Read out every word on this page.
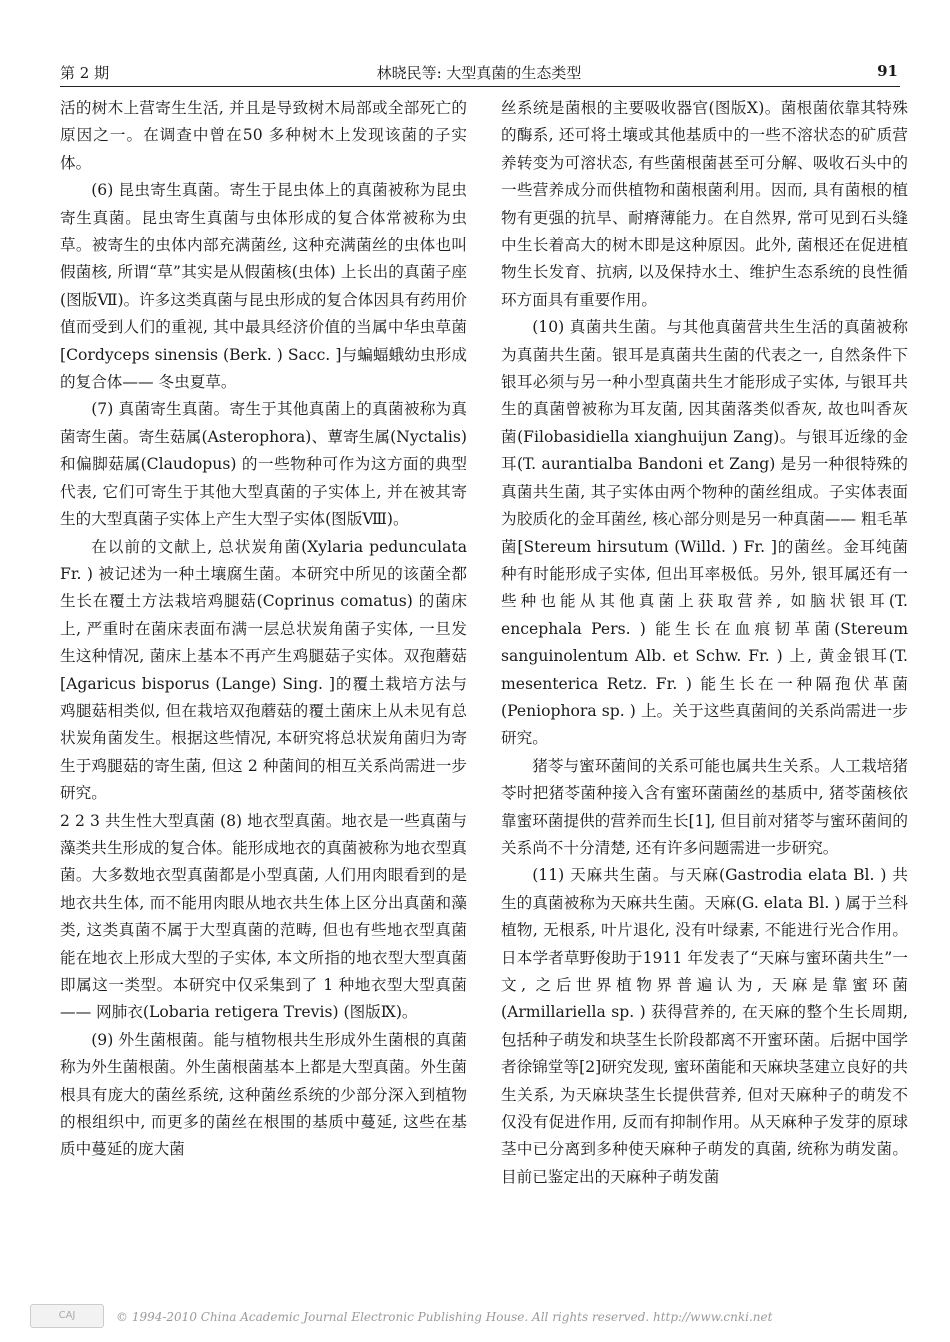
第 2 期	林晓民等: 大型真菌的生态类型	91

活的树木上营寄生生活, 并且是导致树木局部或全部死亡的原因之一。在调查中曾在50 多种树木上发现该菌的子实体。

(6) 昆虫寄生真菌。寄生于昆虫体上的真菌被称为昆虫寄生真菌。昆虫寄生真菌与虫体形成的复合体常被称为虫草。被寄生的虫体内部充满菌丝, 这种充满菌丝的虫体也叫假菌核, 所谓“草”其实是从假菌核(虫体) 上长出的真菌子座(图版Ⅶ)。许多这类真菌与昆虫形成的复合体因具有药用价值而受到人们的重视, 其中最具经济价值的当属中华虫草菌 [Cordyceps sinensis (Berk. ) Sacc. ]与蝙蝠蛾幼虫形成的复合体—— 冬虫夏草。

(7) 真菌寄生真菌。寄生于其他真菌上的真菌被称为真菌寄生菌。寄生菇属(Asterophora)、蕈寄生属(Nyctalis) 和偏脚菇属(Claudopus) 的一些物种可作为这方面的典型代表, 它们可寄生于其他大型真菌的子实体上, 并在被其寄生的大型真菌子实体上产生大型子实体(图版Ⅷ)。

在以前的文献上, 总状炭角菌(Xylaria pedunculata Fr. ) 被记述为一种土壤腐生菌。本研究中所见的该菌全都生长在覆土方法栽培鸡腿菇(Coprinus comatus) 的菌床上, 严重时在菌床表面布满一层总状炭角菌子实体, 一旦发生这种情况, 菌床上基本不再产生鸡腿菇子实体。双孢蘑菇[Agaricus bisporus (Lange) Sing. ]的覆土栽培方法与鸡腿菇相类似, 但在栽培双孢蘑菇的覆土菌床上从未见有总状炭角菌发生。根据这些情况, 本研究将总状炭角菌归为寄生于鸡腿菇的寄生菌, 但这 2 种菌间的相互关系尚需进一步研究。

2 2 3 共生性大型真菌 (8) 地衣型真菌。地衣是一些真菌与藻类共生形成的复合体。能形成地衣的真菌被称为地衣型真菌。大多数地衣型真菌都是小型真菌, 人们用肉眼看到的是地衣共生体, 而不能用肉眼从地衣共生体上区分出真菌和藻类, 这类真菌不属于大型真菌的范畴, 但也有些地衣型真菌能在地衣上形成大型的子实体, 本文所指的地衣型大型真菌即属这一类型。本研究中仅采集到了 1 种地衣型大型真菌—— 网肺衣(Lobaria retigera Trevis) (图版Ⅸ)。

(9) 外生菌根菌。能与植物根共生形成外生菌根的真菌称为外生菌根菌。外生菌根菌基本上都是大型真菌。外生菌根具有庞大的菌丝系统, 这种菌丝系统的少部分深入到植物的根组织中, 而更多的菌丝在根围的基质中蔓延, 这些在基质中蔓延的庞大菌

丝系统是菌根的主要吸收器官(图版Ⅹ)。菌根菌依靠其特殊的酶系, 还可将土壤或其他基质中的一些不溶状态的矿质营养转变为可溶状态, 有些菌根菌甚至可分解、吸收石头中的一些营养成分而供植物和菌根菌利用。因而, 具有菌根的植物有更强的抗旱、耐瘠薄能力。在自然界, 常可见到石头缝中生长着高大的树木即是这种原因。此外, 菌根还在促进植物生长发育、抗病, 以及保持水土、维护生态系统的良性循环方面具有重要作用。

(10) 真菌共生菌。与其他真菌营共生生活的真菌被称为真菌共生菌。银耳是真菌共生菌的代表之一, 自然条件下银耳必须与另一种小型真菌共生才能形成子实体, 与银耳共生的真菌曾被称为耳友菌, 因其菌落类似香灰, 故也叫香灰菌(Filobasidiella xianghuijun Zang)。与银耳近缘的金耳(T. aurantialba Bandoni et Zang) 是另一种很特殊的真菌共生菌, 其子实体由两个物种的菌丝组成。子实体表面为胶质化的金耳菌丝, 核心部分则是另一种真菌—— 粗毛革菌[Stereum hirsutum (Willd. ) Fr. ]的菌丝。金耳纯菌种有时能形成子实体, 但出耳率极低。另外, 银耳属还有一些种也能从其他真菌上获取营养, 如脑状银耳(T. encephala Pers. ) 能生长在血痕韧革菌(Stereum sanguinolentum Alb. et Schw. Fr. ) 上, 黄金银耳(T. mesenterica Retz. Fr. ) 能生长在一种隔孢伏革菌(Peniophora sp. ) 上。关于这些真菌间的关系尚需进一步研究。

猪苓与蜜环菌间的关系可能也属共生关系。人工栽培猪苓时把猪苓菌种接入含有蜜环菌菌丝的基质中, 猪苓菌核依靠蜜环菌提供的营养而生长[1], 但目前对猪苓与蜜环菌间的关系尚不十分清楚, 还有许多问题需进一步研究。

(11) 天麻共生菌。与天麻(Gastrodia elata Bl. ) 共生的真菌被称为天麻共生菌。天麻(G. elata Bl. ) 属于兰科植物, 无根系, 叶片退化, 没有叶绿素, 不能进行光合作用。日本学者草野俊助于1911 年发表了“天麻与蜜环菌共生”一文, 之后世界植物界普遍认为, 天麻是靠蜜环菌(Armillariella sp. ) 获得营养的, 在天麻的整个生长周期, 包括种子萌发和块茎生长阶段都离不开蜜环菌。后据中国学者徐锦堂等[2]研究发现, 蜜环菌能和天麻块茎建立良好的共生关系, 为天麻块茎生长提供营养, 但对天麻种子的萌发不仅没有促进作用, 反而有抑制作用。从天麻种子发芽的原球茎中已分离到多种使天麻种子萌发的真菌, 统称为萌发菌。目前已鉴定出的天麻种子萌发菌

CAJ	© 1994-2010 China Academic Journal Electronic Publishing House. All rights reserved. http://www.cnki.net
